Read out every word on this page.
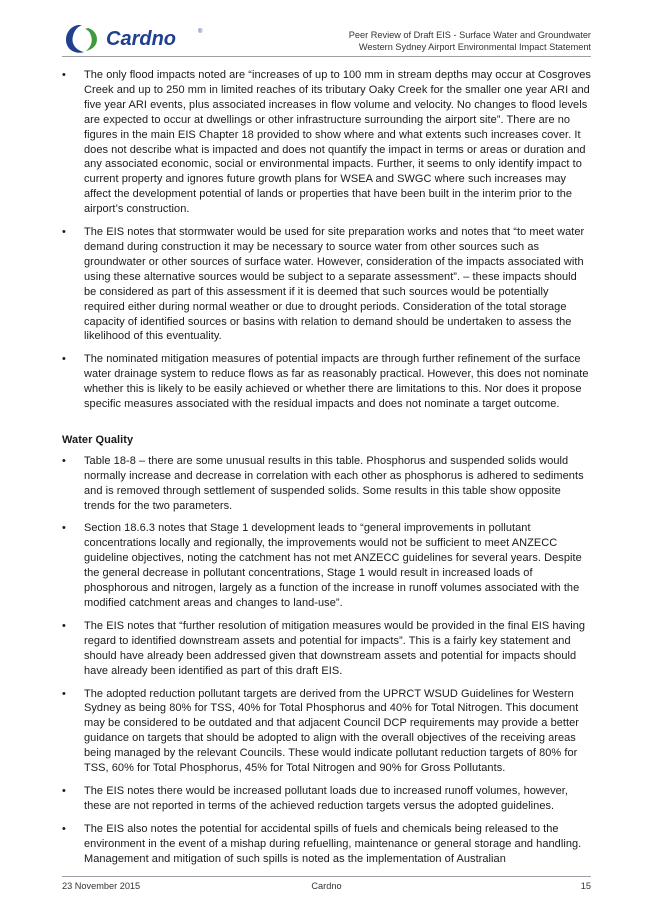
Cardno	®	Peer Review of Draft EIS - Surface Water and Groundwater
Western Sydney Airport Environmental Impact Statement
• The only flood impacts noted are “increases of up to 100 mm in stream depths may occur at Cosgroves Creek and up to 250 mm in limited reaches of its tributary Oaky Creek for the smaller one year ARI and five year ARI events, plus associated increases in flow volume and velocity. No changes to flood levels are expected to occur at dwellings or other infrastructure surrounding the airport site”. There are no figures in the main EIS Chapter 18 provided to show where and what extents such increases cover. It does not describe what is impacted and does not quantify the impact in terms or areas or duration and any associated economic, social or environmental impacts. Further, it seems to only identify impact to current property and ignores future growth plans for WSEA and SWGC where such increases may affect the development potential of lands or properties that have been built in the interim prior to the airport’s construction.
• The EIS notes that stormwater would be used for site preparation works and notes that “to meet water demand during construction it may be necessary to source water from other sources such as groundwater or other sources of surface water. However, consideration of the impacts associated with using these alternative sources would be subject to a separate assessment”. – these impacts should be considered as part of this assessment if it is deemed that such sources would be potentially required either during normal weather or due to drought periods. Consideration of the total storage capacity of identified sources or basins with relation to demand should be undertaken to assess the likelihood of this eventuality.
• The nominated mitigation measures of potential impacts are through further refinement of the surface water drainage system to reduce flows as far as reasonably practical. However, this does not nominate whether this is likely to be easily achieved or whether there are limitations to this. Nor does it propose specific measures associated with the residual impacts and does not nominate a target outcome.
Water Quality
• Table 18-8 – there are some unusual results in this table. Phosphorus and suspended solids would normally increase and decrease in correlation with each other as phosphorus is adhered to sediments and is removed through settlement of suspended solids. Some results in this table show opposite trends for the two parameters.
• Section 18.6.3 notes that Stage 1 development leads to “general improvements in pollutant concentrations locally and regionally, the improvements would not be sufficient to meet ANZECC guideline objectives, noting the catchment has not met ANZECC guidelines for several years. Despite the general decrease in pollutant concentrations, Stage 1 would result in increased loads of phosphorous and nitrogen, largely as a function of the increase in runoff volumes associated with the modified catchment areas and changes to land-use”.
• The EIS notes that “further resolution of mitigation measures would be provided in the final EIS having regard to identified downstream assets and potential for impacts”. This is a fairly key statement and should have already been addressed given that downstream assets and potential for impacts should have already been identified as part of this draft EIS.
• The adopted reduction pollutant targets are derived from the UPRCT WSUD Guidelines for Western Sydney as being 80% for TSS, 40% for Total Phosphorus and 40% for Total Nitrogen. This document may be considered to be outdated and that adjacent Council DCP requirements may provide a better guidance on targets that should be adopted to align with the overall objectives of the receiving areas being managed by the relevant Councils. These would indicate pollutant reduction targets of 80% for TSS, 60% for Total Phosphorus, 45% for Total Nitrogen and 90% for Gross Pollutants.
• The EIS notes there would be increased pollutant loads due to increased runoff volumes, however, these are not reported in terms of the achieved reduction targets versus the adopted guidelines.
• The EIS also notes the potential for accidental spills of fuels and chemicals being released to the environment in the event of a mishap during refuelling, maintenance or general storage and handling. Management and mitigation of such spills is noted as the implementation of Australian
23 November 2015	Cardno	15
